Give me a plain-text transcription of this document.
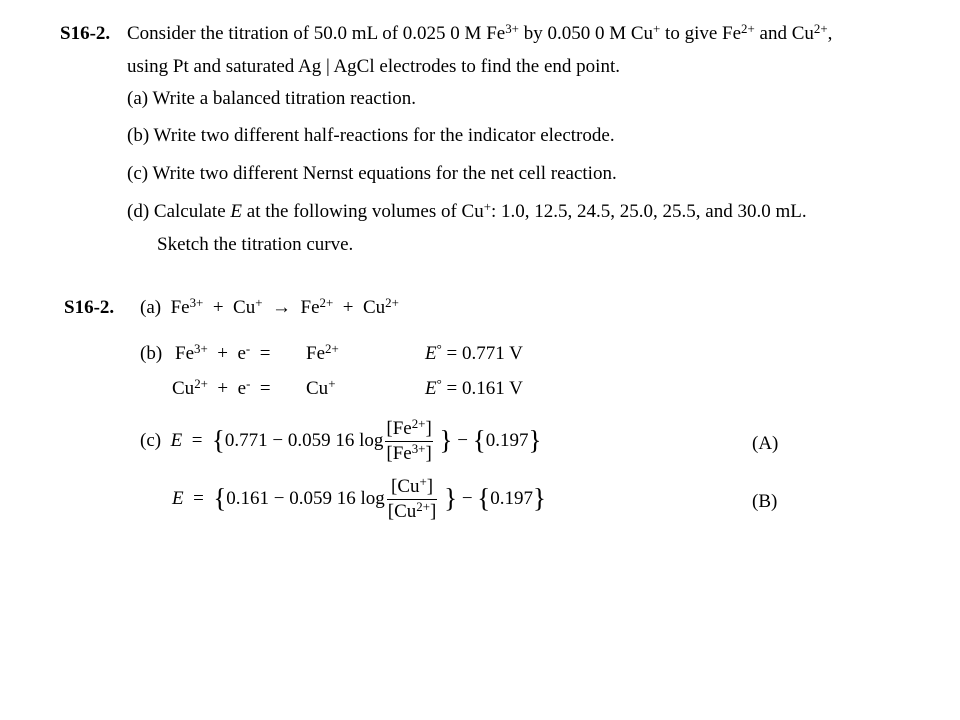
S16-2. Consider the titration of 50.0 mL of 0.025 0 M $Fe^{3+}$ by 0.050 0 M Cu+ to give $Fe^{2+}$ and $Cu^{2+}$,
using Pt and saturated Ag | AgCl electrodes to find the end point.
(a) Write a balanced titration reaction.
(b) Write two different half-reactions for the indicator electrode.
(c) Write two different Nernst equations for the net cell reaction.
(d) Calculate E at the following volumes of Cu+: 1.0, 12.5, 24.5, 25.0, 25.5, and 30.0 mL.
Sketch the titration curve.
S16-2. (a) $Fe^{3+} + Cu^+ \to Fe^{2+} + Cu^{2+}$
(b) $Fe^{3+} + e^- = Fe^{2+}$	E° = 0.771 V
$Cu^{2+} + e^- = Cu^+$	E° = 0.161 V
(c) E = {0.771 − 0.059 16 $\log \frac{[Fe^{2+}]}{[Fe^{3+}]}$ } − {0.197}	(A)
E = {0.161 − 0.059 16 $\log \frac{[Cu^+]}{[Cu^{2+}]}$ } − {0.197}	(B)
